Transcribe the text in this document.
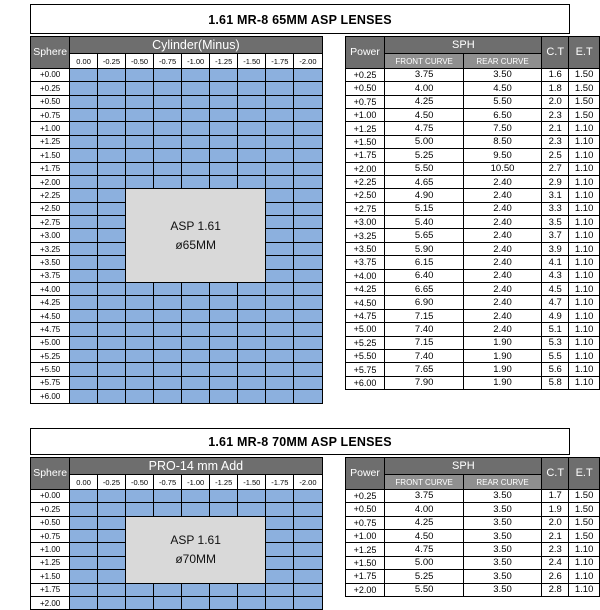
1.61 MR-8 65MM ASP LENSES
Sphere	Cylinder(Minus)								
	0.00	-0.25	-0.50	-0.75	-1.00	-1.25	-1.50	-1.75	-2.00
+0.00									
+0.25									
+0.50									
+0.75									
+1.00									
+1.25									
+1.50									
+1.75									
+2.00									
+2.25			ASP 1.61
ø65MM						

+2.50									
+2.75									
+3.00									
+3.25									
+3.50									
+3.75									
+4.00									
+4.25									
+4.50									
+4.75									
+5.00									
+5.25									
+5.50									
+5.75									
+6.00									
Power	SPH		C.T	E.T
	FRONT CURVE	REAR CURVE		
+0.25	3.75	3.50	1.6	1.50
+0.50	4.00	4.50	1.8	1.50
+0.75	4.25	5.50	2.0	1.50
+1.00	4.50	6.50	2.3	1.50
+1.25	4.75	7.50	2.1	1.10
+1.50	5.00	8.50	2.3	1.10
+1.75	5.25	9.50	2.5	1.10
+2.00	5.50	10.50	2.7	1.10
+2.25	4.65	2.40	2.9	1.10
+2.50	4.90	2.40	3.1	1.10
+2.75	5.15	2.40	3.3	1.10
+3.00	5.40	2.40	3.5	1.10
+3.25	5.65	2.40	3.7	1.10
+3.50	5.90	2.40	3.9	1.10
+3.75	6.15	2.40	4.1	1.10
+4.00	6.40	2.40	4.3	1.10
+4.25	6.65	2.40	4.5	1.10
+4.50	6.90	2.40	4.7	1.10
+4.75	7.15	2.40	4.9	1.10
+5.00	7.40	2.40	5.1	1.10
+5.25	7.15	1.90	5.3	1.10
+5.50	7.40	1.90	5.5	1.10
+5.75	7.65	1.90	5.6	1.10
+6.00	7.90	1.90	5.8	1.10
1.61 MR-8 70MM ASP LENSES
Sphere	PRO-14 mm Add								
	0.00	-0.25	-0.50	-0.75	-1.00	-1.25	-1.50	-1.75	-2.00
+0.00									
+0.25									
+0.50			ASP 1.61
ø70MM						

+0.75									
+1.00									
+1.25									
+1.50									
+1.75									
+2.00									
Power	SPH		C.T	E.T
	FRONT CURVE	REAR CURVE		
+0.25	3.75	3.50	1.7	1.50
+0.50	4.00	3.50	1.9	1.50
+0.75	4.25	3.50	2.0	1.50
+1.00	4.50	3.50	2.1	1.50
+1.25	4.75	3.50	2.3	1.10
+1.50	5.00	3.50	2.4	1.10
+1.75	5.25	3.50	2.6	1.10
+2.00	5.50	3.50	2.8	1.10
